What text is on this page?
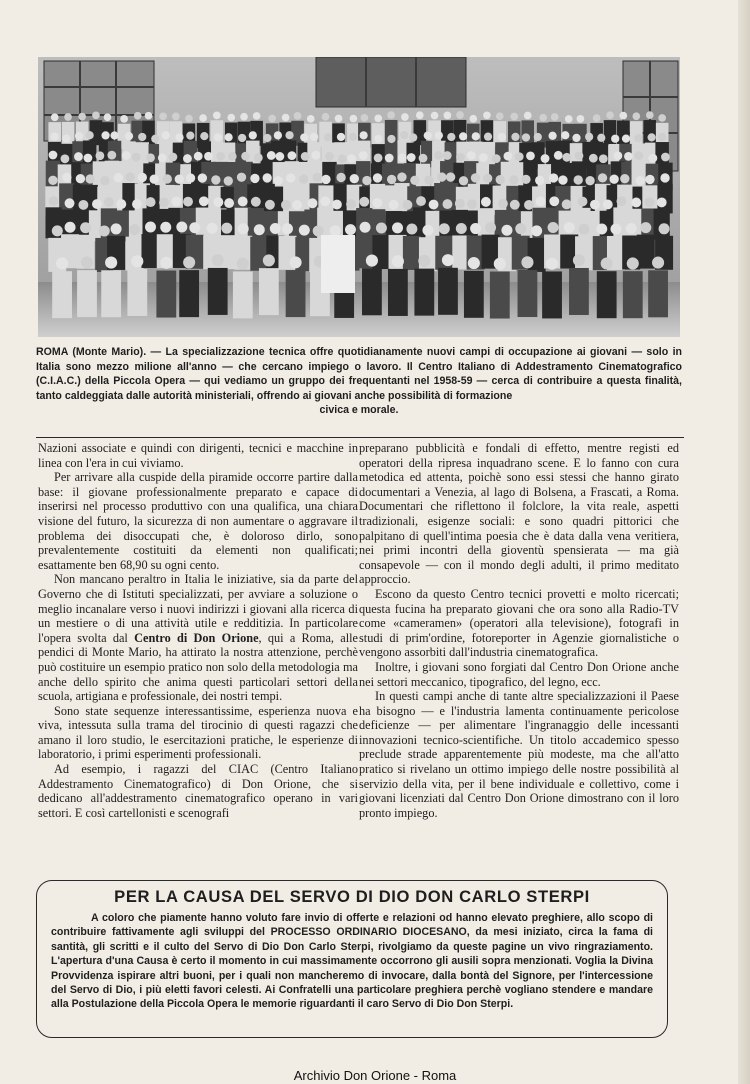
ROMA (Monte Mario). — La specializzazione tecnica offre quotidianamente nuovi campi di occupazione ai giovani — solo in Italia sono mezzo milione all'anno — che cercano impiego o lavoro. Il Centro Italiano di Addestramento Cinematografico (C.I.A.C.) della Piccola Opera — qui vediamo un gruppo dei frequentanti nel 1958-59 — cerca di contribuire a questa finalità, tanto caldeggiata dalle autorità ministeriali, offrendo ai giovani anche possibilità di formazione
civica e morale.

Nazioni associate e quindi con dirigenti, tecnici e macchine in linea con l'era in cui viviamo.

Per arrivare alla cuspide della piramide occorre partire dalla base: il giovane professionalmente preparato e capace di inserirsi nel processo produttivo con una qualifica, una chiara visione del futuro, la sicurezza di non aumentare o aggravare il problema dei disoccupati che, è doloroso dirlo, sono prevalentemente costituiti da elementi non qualificati; esattamente ben 68,90 su ogni cento.

Non mancano peraltro in Italia le iniziative, sia da parte del Governo che di Istituti specializzati, per avviare a soluzione o meglio incanalare verso i nuovi indirizzi i giovani alla ricerca di un mestiere o di una attività utile e redditizia. In particolare l'opera svolta dal Centro di Don Orione, qui a Roma, alle pendici di Monte Mario, ha attirato la nostra attenzione, perchè può costituire un esempio pratico non solo della metodologia ma anche dello spirito che anima questi particolari settori della scuola, artigiana e professionale, dei nostri tempi.

Sono state sequenze interessantissime, esperienza nuova e viva, intessuta sulla trama del tirocinio di questi ragazzi che amano il loro studio, le esercitazioni pratiche, le esperienze di laboratorio, i primi esperimenti professionali.

Ad esempio, i ragazzi del CIAC (Centro Italiano Addestramento Cinematografico) di Don Orione, che si dedicano all'addestramento cinematografico operano in vari settori. E così cartellonisti e scenografi

preparano pubblicità e fondali di effetto, mentre registi ed operatori della ripresa inquadrano scene. E lo fanno con cura metodica ed attenta, poichè sono essi stessi che hanno girato documentari a Venezia, al lago di Bolsena, a Frascati, a Roma. Documentari che riflettono il folclore, la vita reale, aspetti tradizionali, esigenze sociali: e sono quadri pittorici che palpitano di quell'intima poesia che è data dalla vena veritiera, nei primi incontri della gioventù spensierata — ma già consapevole — con il mondo degli adulti, il primo meditato approccio.

Escono da questo Centro tecnici provetti e molto ricercati; questa fucina ha preparato giovani che ora sono alla Radio-TV come «cameramen» (operatori alla televisione), fotografi in studi di prim'ordine, fotoreporter in Agenzie giornalistiche o vengono assorbiti dall'industria cinematografica.

Inoltre, i giovani sono forgiati dal Centro Don Orione anche nei settori meccanico, tipografico, del legno, ecc.

In questi campi anche di tante altre specializzazioni il Paese ha bisogno — e l'industria lamenta continuamente pericolose deficienze — per alimentare l'ingranaggio delle incessanti innovazioni tecnico-scientifiche. Un titolo accademico spesso preclude strade apparentemente più modeste, ma che all'atto pratico si rivelano un ottimo impiego delle nostre possibilità al servizio della vita, per il bene individuale e collettivo, come i giovani licenziati dal Centro Don Orione dimostrano con il loro pronto impiego.

PER LA CAUSA DEL SERVO DI DIO DON CARLO STERPI

A coloro che piamente hanno voluto fare invio di offerte e relazioni od hanno elevato preghiere, allo scopo di contribuire fattivamente agli sviluppi del PROCESSO ORDINARIO DIOCESANO, da mesi iniziato, circa la fama di santità, gli scritti e il culto del Servo di Dio Don Carlo Sterpi, rivolgiamo da queste pagine un vivo ringraziamento. L'apertura d'una Causa è certo il momento in cui massimamente occorrono gli ausili sopra menzionati. Voglia la Divina Provvidenza ispirare altri buoni, per i quali non mancheremo di invocare, dalla bontà del Signore, per l'intercessione del Servo di Dio, i più eletti favori celesti. Ai Confratelli una particolare preghiera perchè vogliano stendere e mandare alla Postulazione della Piccola Opera le memorie riguardanti il caro Servo di Dio Don Sterpi.

Archivio Don Orione - Roma
